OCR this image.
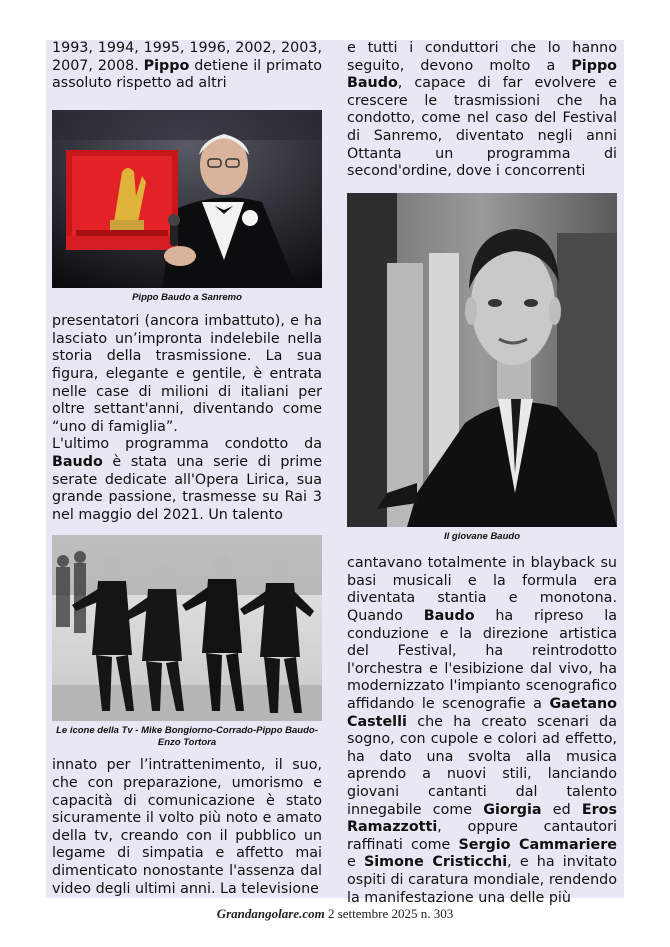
1993, 1994, 1995, 1996, 2002, 2003, 2007, 2008. Pippo detiene il primato assoluto rispetto ad altri

Pippo Baudo a Sanremo

presentatori (ancora imbattuto), e ha lasciato un’impronta indelebile nella storia della trasmissione. La sua figura, elegante e gentile, è entrata nelle case di milioni di italiani per oltre settant'anni, diventando come “uno di famiglia”.

L'ultimo programma condotto da Baudo è stata una serie di prime serate dedicate all'Opera Lirica, sua grande passione, trasmesse su Rai 3 nel maggio del 2021. Un talento

Le icone della Tv - Mike Bongiorno-Corrado-Pippo Baudo-Enzo Tortora

innato per l’intrattenimento, il suo, che con preparazione, umorismo e capacità di comunicazione è stato sicuramente il volto più noto e amato della tv, creando con il pubblico un legame di simpatia e affetto mai dimenticato nonostante l'assenza dal video degli ultimi anni. La televisione

e tutti i conduttori che lo hanno seguito, devono molto a Pippo Baudo, capace di far evolvere e crescere le trasmissioni che ha condotto, come nel caso del Festival di Sanremo, diventato negli anni Ottanta un programma di second'ordine, dove i concorrenti

Il giovane Baudo

cantavano totalmente in blayback su basi musicali e la formula era diventata stantia e monotona. Quando Baudo ha ripreso la conduzione e la direzione artistica del Festival, ha reintrodotto l'orchestra e l'esibizione dal vivo, ha modernizzato l'impianto scenografico affidando le scenografie a Gaetano Castelli che ha creato scenari da sogno, con cupole e colori ad effetto, ha dato una svolta alla musica aprendo a nuovi stili, lanciando giovani cantanti dal talento innegabile come Giorgia ed Eros Ramazzotti, oppure cantautori raffinati come Sergio Cammariere e Simone Cristicchi, e ha invitato ospiti di caratura mondiale, rendendo la manifestazione una delle più

Grandangolare.com 2 settembre 2025 n. 303
